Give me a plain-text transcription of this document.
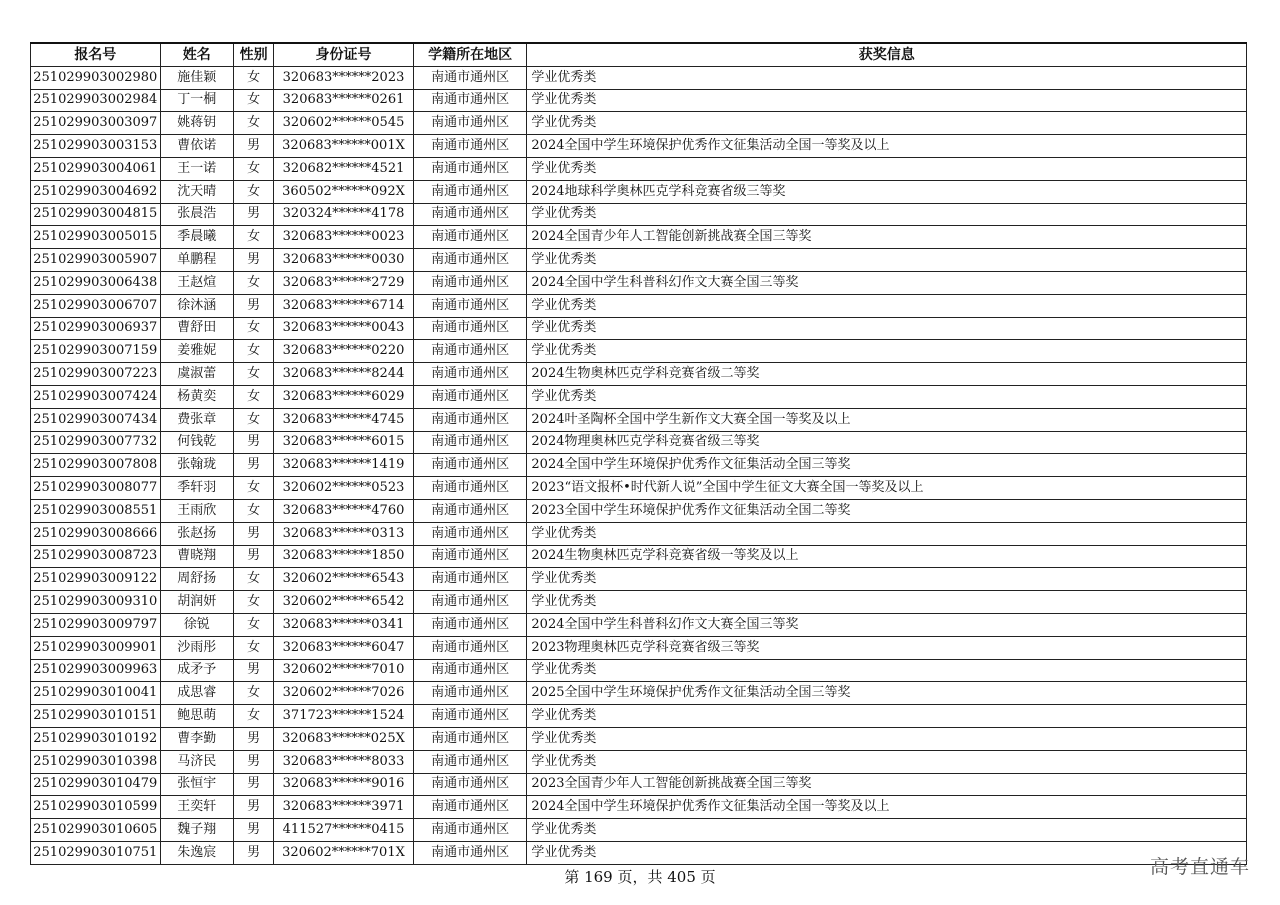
报名号	姓名	性别	身份证号	学籍所在地区	获奖信息
251029903002980	施佳颖	女	320683******2023	南通市通州区	学业优秀类
251029903002984	丁一桐	女	320683******0261	南通市通州区	学业优秀类
251029903003097	姚蒋钥	女	320602******0545	南通市通州区	学业优秀类
251029903003153	曹依诺	男	320683******001X	南通市通州区	2024全国中学生环境保护优秀作文征集活动全国一等奖及以上
251029903004061	王一诺	女	320682******4521	南通市通州区	学业优秀类
251029903004692	沈天晴	女	360502******092X	南通市通州区	2024地球科学奥林匹克学科竞赛省级三等奖
251029903004815	张晨浩	男	320324******4178	南通市通州区	学业优秀类
251029903005015	季晨曦	女	320683******0023	南通市通州区	2024全国青少年人工智能创新挑战赛全国三等奖
251029903005907	单鹏程	男	320683******0030	南通市通州区	学业优秀类
251029903006438	王赵煊	女	320683******2729	南通市通州区	2024全国中学生科普科幻作文大赛全国三等奖
251029903006707	徐沐涵	男	320683******6714	南通市通州区	学业优秀类
251029903006937	曹舒田	女	320683******0043	南通市通州区	学业优秀类
251029903007159	姜雅妮	女	320683******0220	南通市通州区	学业优秀类
251029903007223	虞淑蕾	女	320683******8244	南通市通州区	2024生物奥林匹克学科竞赛省级二等奖
251029903007424	杨黄奕	女	320683******6029	南通市通州区	学业优秀类
251029903007434	费张章	女	320683******4745	南通市通州区	2024叶圣陶杯全国中学生新作文大赛全国一等奖及以上
251029903007732	何钱乾	男	320683******6015	南通市通州区	2024物理奥林匹克学科竞赛省级三等奖
251029903007808	张翰珑	男	320683******1419	南通市通州区	2024全国中学生环境保护优秀作文征集活动全国三等奖
251029903008077	季轩羽	女	320602******0523	南通市通州区	2023“语文报杯•时代新人说”全国中学生征文大赛全国一等奖及以上
251029903008551	王雨欣	女	320683******4760	南通市通州区	2023全国中学生环境保护优秀作文征集活动全国二等奖
251029903008666	张赵扬	男	320683******0313	南通市通州区	学业优秀类
251029903008723	曹晓翔	男	320683******1850	南通市通州区	2024生物奥林匹克学科竞赛省级一等奖及以上
251029903009122	周舒扬	女	320602******6543	南通市通州区	学业优秀类
251029903009310	胡润妍	女	320602******6542	南通市通州区	学业优秀类
251029903009797	徐锐	女	320683******0341	南通市通州区	2024全国中学生科普科幻作文大赛全国三等奖
251029903009901	沙雨彤	女	320683******6047	南通市通州区	2023物理奥林匹克学科竞赛省级三等奖
251029903009963	成矛予	男	320602******7010	南通市通州区	学业优秀类
251029903010041	成思睿	女	320602******7026	南通市通州区	2025全国中学生环境保护优秀作文征集活动全国三等奖
251029903010151	鲍思萌	女	371723******1524	南通市通州区	学业优秀类
251029903010192	曹李勤	男	320683******025X	南通市通州区	学业优秀类
251029903010398	马济民	男	320683******8033	南通市通州区	学业优秀类
251029903010479	张恒宇	男	320683******9016	南通市通州区	2023全国青少年人工智能创新挑战赛全国三等奖
251029903010599	王奕轩	男	320683******3971	南通市通州区	2024全国中学生环境保护优秀作文征集活动全国一等奖及以上
251029903010605	魏子翔	男	411527******0415	南通市通州区	学业优秀类
251029903010751	朱逸宸	男	320602******701X	南通市通州区	学业优秀类
第 169 页，共 405 页	高考直通车
